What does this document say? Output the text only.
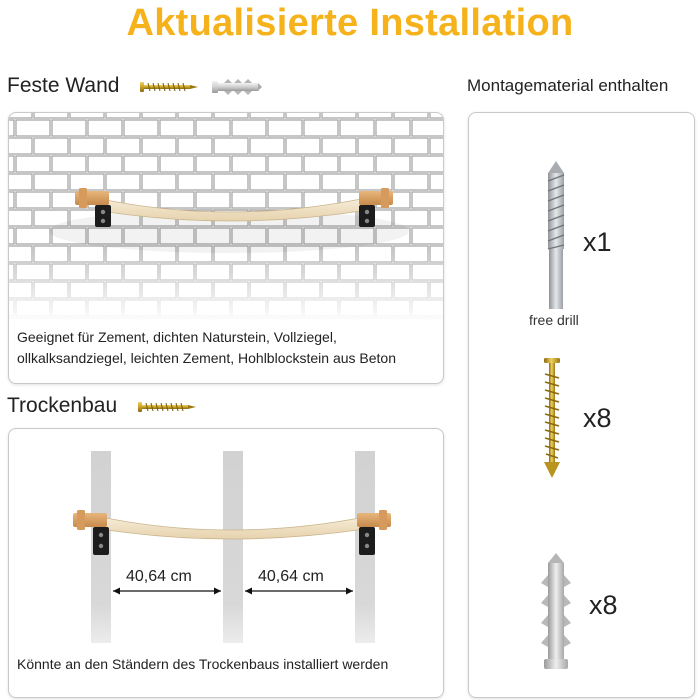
Aktualisierte Installation
Feste Wand
Geeignet für Zement, dichten Naturstein, Vollziegel,
ollkalksandziegel, leichten Zement, Hohlblockstein aus Beton
Trockenbau
40,64 cm	40,64 cm
Könnte an den Ständern des Trockenbaus installiert werden
Montagematerial enthalten
x1
free drill
x8
x8
